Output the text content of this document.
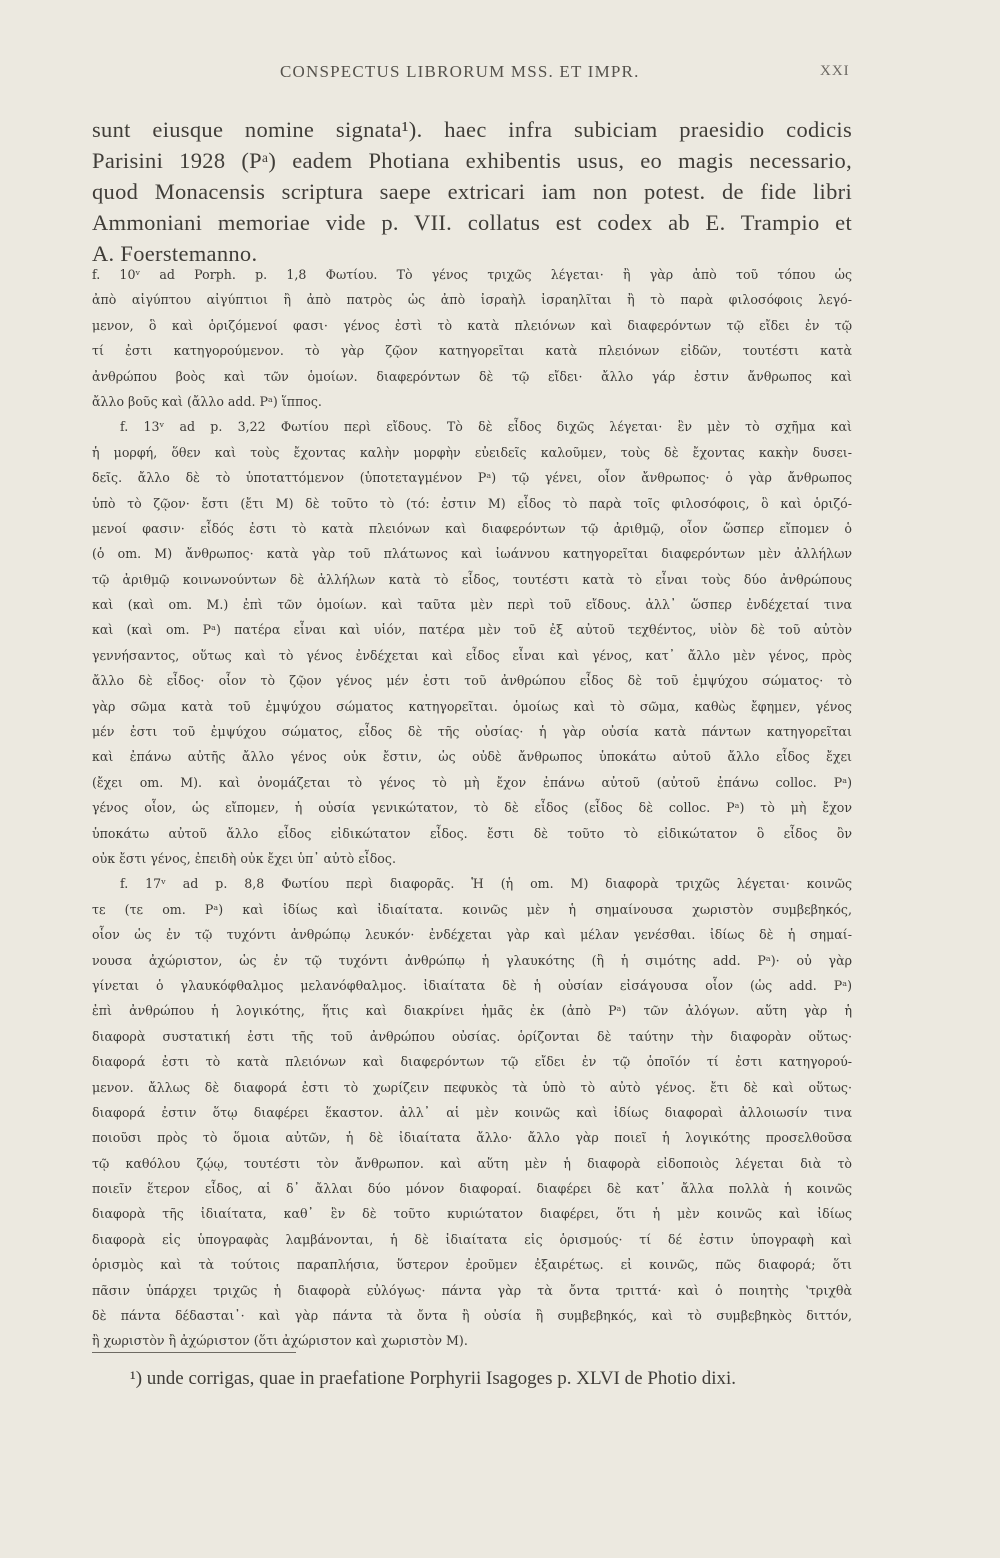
CONSPECTUS LIBRORUM MSS. ET IMPR.	XXI
sunt eiusque nomine signata¹). haec infra subiciam praesidio codicis
Parisini 1928 (Pᵃ) eadem Photiana exhibentis usus, eo magis necessario,
quod Monacensis scriptura saepe extricari iam non potest. de fide libri
Ammoniani memoriae vide p. VII. collatus est codex ab E. Trampio et
A. Foerstemanno.
f. 10ᵛ ad Porph. p. 1,8 Φωτίου. Τὸ γένος τριχῶς λέγεται· ἢ γὰρ ἀπὸ τοῦ τόπου ὡς
ἀπὸ αἰγύπτου αἰγύπτιοι ἢ ἀπὸ πατρὸς ὡς ἀπὸ ἰσραὴλ ἰσραηλῖται ἢ τὸ παρὰ φιλοσόφοις λεγό-
μενον, ὃ καὶ ὁριζόμενοί φασι· γένος ἐστὶ τὸ κατὰ πλειόνων καὶ διαφερόντων τῷ εἴδει ἐν τῷ
τί ἐστι κατηγορούμενον. τὸ γὰρ ζῷον κατηγορεῖται κατὰ πλειόνων εἰδῶν, τουτέστι κατὰ
ἀνθρώπου βοὸς καὶ τῶν ὁμοίων. διαφερόντων δὲ τῷ εἴδει· ἄλλο γάρ ἐστιν ἄνθρωπος καὶ
ἄλλο βοῦς καὶ (ἄλλο add. Pᵃ) ἵππος.
f. 13ᵛ ad p. 3,22 Φωτίου περὶ εἴδους. Τὸ δὲ εἶδος διχῶς λέγεται· ἓν μὲν τὸ σχῆμα καὶ
ἡ μορφή, ὅθεν καὶ τοὺς ἔχοντας καλὴν μορφὴν εὐειδεῖς καλοῦμεν, τοὺς δὲ ἔχοντας κακὴν δυσει-
δεῖς. ἄλλο δὲ τὸ ὑποταττόμενον (ὑποτεταγμένον Pᵃ) τῷ γένει, οἷον ἄνθρωπος· ὁ γὰρ ἄνθρωπος
ὑπὸ τὸ ζῷον· ἔστι (ἔτι M) δὲ τοῦτο τὸ (τό: ἐστιν M) εἶδος τὸ παρὰ τοῖς φιλοσόφοις, ὃ καὶ ὁριζό-
μενοί φασιν· εἶδός ἐστι τὸ κατὰ πλειόνων καὶ διαφερόντων τῷ ἀριθμῷ, οἷον ὥσπερ εἴπομεν ὁ
(ὁ om. M) ἄνθρωπος· κατὰ γὰρ τοῦ πλάτωνος καὶ ἰωάννου κατηγορεῖται διαφερόντων μὲν ἀλλήλων
τῷ ἀριθμῷ κοινωνούντων δὲ ἀλλήλων κατὰ τὸ εἶδος, τουτέστι κατὰ τὸ εἶναι τοὺς δύο ἀνθρώπους
καὶ (καὶ om. M.) ἐπὶ τῶν ὁμοίων. καὶ ταῦτα μὲν περὶ τοῦ εἴδους. ἀλλ᾽ ὥσπερ ἐνδέχεταί τινα
καὶ (καὶ om. Pᵃ) πατέρα εἶναι καὶ υἱόν, πατέρα μὲν τοῦ ἐξ αὐτοῦ τεχθέντος, υἱὸν δὲ τοῦ αὐτὸν
γεννήσαντος, οὕτως καὶ τὸ γένος ἐνδέχεται καὶ εἶδος εἶναι καὶ γένος, κατ᾽ ἄλλο μὲν γένος, πρὸς
ἄλλο δὲ εἶδος· οἷον τὸ ζῷον γένος μέν ἐστι τοῦ ἀνθρώπου εἶδος δὲ τοῦ ἐμψύχου σώματος· τὸ
γὰρ σῶμα κατὰ τοῦ ἐμψύχου σώματος κατηγορεῖται. ὁμοίως καὶ τὸ σῶμα, καθὼς ἔφημεν, γένος
μέν ἐστι τοῦ ἐμψύχου σώματος, εἶδος δὲ τῆς οὐσίας· ἡ γὰρ οὐσία κατὰ πάντων κατηγορεῖται
καὶ ἐπάνω αὐτῆς ἄλλο γένος οὐκ ἔστιν, ὡς οὐδὲ ἄνθρωπος ὑποκάτω αὐτοῦ ἄλλο εἶδος ἔχει
(ἔχει om. M). καὶ ὀνομάζεται τὸ γένος τὸ μὴ ἔχον ἐπάνω αὐτοῦ (αὐτοῦ ἐπάνω colloc. Pᵃ)
γένος οἷον, ὡς εἴπομεν, ἡ οὐσία γενικώτατον, τὸ δὲ εἶδος (εἶδος δὲ colloc. Pᵃ) τὸ μὴ ἔχον
ὑποκάτω αὐτοῦ ἄλλο εἶδος εἰδικώτατον εἶδος. ἔστι δὲ τοῦτο τὸ εἰδικώτατον ὃ εἶδος ὂν
οὐκ ἔστι γένος, ἐπειδὴ οὐκ ἔχει ὑπ᾽ αὐτὸ εἶδος.
f. 17ᵛ ad p. 8,8 Φωτίου περὶ διαφορᾶς. Ἡ (ἡ om. M) διαφορὰ τριχῶς λέγεται· κοινῶς
τε (τε om. Pᵃ) καὶ ἰδίως καὶ ἰδιαίτατα. κοινῶς μὲν ἡ σημαίνουσα χωριστὸν συμβεβηκός,
οἷον ὡς ἐν τῷ τυχόντι ἀνθρώπῳ λευκόν· ἐνδέχεται γὰρ καὶ μέλαν γενέσθαι. ἰδίως δὲ ἡ σημαί-
νουσα ἀχώριστον, ὡς ἐν τῷ τυχόντι ἀνθρώπῳ ἡ γλαυκότης (ἢ ἡ σιμότης add. Pᵃ)· οὐ γὰρ
γίνεται ὁ γλαυκόφθαλμος μελανόφθαλμος. ἰδιαίτατα δὲ ἡ οὐσίαν εἰσάγουσα οἷον (ὡς add. Pᵃ)
ἐπὶ ἀνθρώπου ἡ λογικότης, ἥτις καὶ διακρίνει ἡμᾶς ἐκ (ἀπὸ Pᵃ) τῶν ἀλόγων. αὕτη γὰρ ἡ
διαφορὰ συστατική ἐστι τῆς τοῦ ἀνθρώπου οὐσίας. ὁρίζονται δὲ ταύτην τὴν διαφορὰν οὕτως·
διαφορά ἐστι τὸ κατὰ πλειόνων καὶ διαφερόντων τῷ εἴδει ἐν τῷ ὁποῖόν τί ἐστι κατηγορού-
μενον. ἄλλως δὲ διαφορά ἐστι τὸ χωρίζειν πεφυκὸς τὰ ὑπὸ τὸ αὐτὸ γένος. ἔτι δὲ καὶ οὕτως·
διαφορά ἐστιν ὅτῳ διαφέρει ἕκαστον. ἀλλ᾽ αἱ μὲν κοινῶς καὶ ἰδίως διαφοραὶ ἀλλοιωσίν τινα
ποιοῦσι πρὸς τὸ ὅμοια αὐτῶν, ἡ δὲ ἰδιαίτατα ἄλλο· ἄλλο γὰρ ποιεῖ ἡ λογικότης προσελθοῦσα
τῷ καθόλου ζῴῳ, τουτέστι τὸν ἄνθρωπον. καὶ αὕτη μὲν ἡ διαφορὰ εἰδοποιὸς λέγεται διὰ τὸ
ποιεῖν ἕτερον εἶδος, αἱ δ᾽ ἄλλαι δύο μόνον διαφοραί. διαφέρει δὲ κατ᾽ ἄλλα πολλὰ ἡ κοινῶς
διαφορὰ τῆς ἰδιαίτατα, καθ᾽ ἓν δὲ τοῦτο κυριώτατον διαφέρει, ὅτι ἡ μὲν κοινῶς καὶ ἰδίως
διαφορὰ εἰς ὑπογραφὰς λαμβάνονται, ἡ δὲ ἰδιαίτατα εἰς ὁρισμούς· τί δέ ἐστιν ὑπογραφὴ καὶ
ὁρισμὸς καὶ τὰ τούτοις παραπλήσια, ὕστερον ἐροῦμεν ἐξαιρέτως. εἰ κοινῶς, πῶς διαφορά; ὅτι
πᾶσιν ὑπάρχει τριχῶς ἡ διαφορὰ εὐλόγως· πάντα γὰρ τὰ ὄντα τριττά· καὶ ὁ ποιητὴς ʽτριχθὰ
δὲ πάντα δέδασται᾽· καὶ γὰρ πάντα τὰ ὄντα ἢ οὐσία ἢ συμβεβηκός, καὶ τὸ συμβεβηκὸς διττόν,
ἢ χωριστὸν ἢ ἀχώριστον (ὅτι ἀχώριστον καὶ χωριστὸν M).
¹) unde corrigas, quae in praefatione Porphyrii Isagoges p. XLVI de Photio dixi.
